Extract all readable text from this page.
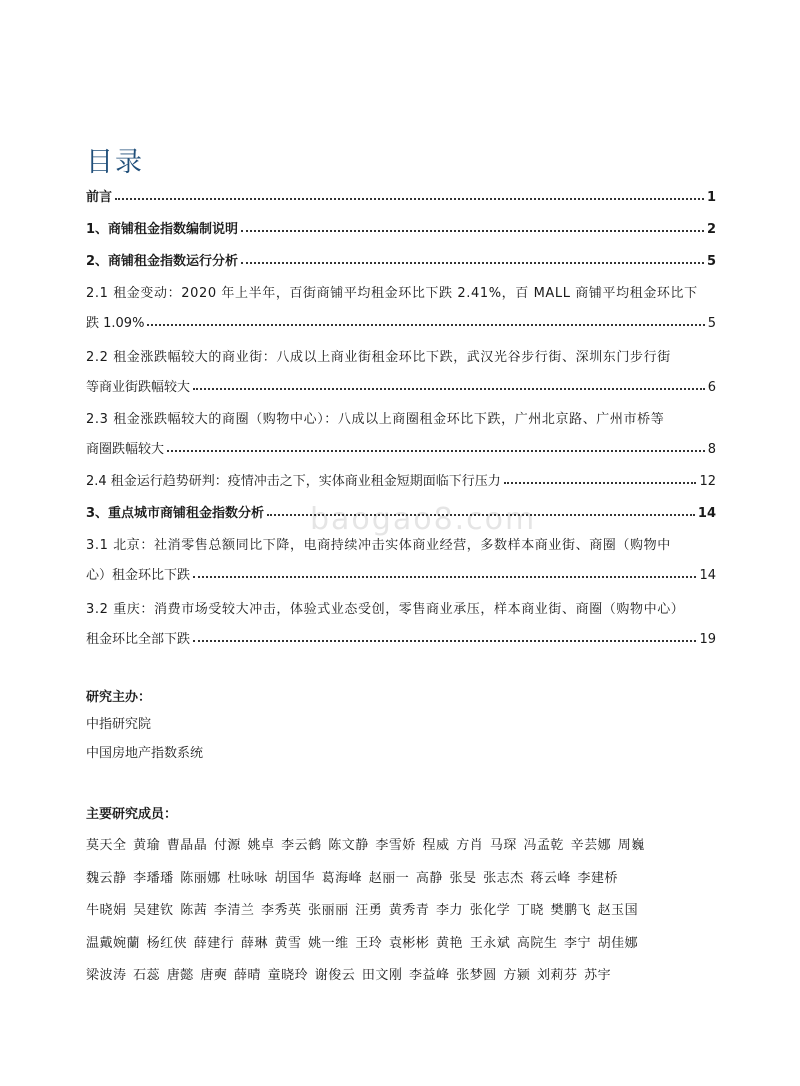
baogao8.com
目录
前言	1
1、商铺租金指数编制说明	2
2、商铺租金指数运行分析	5
2.1 租金变动：2020 年上半年，百街商铺平均租金环比下跌 2.41%，百 MALL 商铺平均租金环比下
跌 1.09%	5
2.2 租金涨跌幅较大的商业街：八成以上商业街租金环比下跌，武汉光谷步行街、深圳东门步行街
等商业街跌幅较大	6
2.3 租金涨跌幅较大的商圈（购物中心）：八成以上商圈租金环比下跌，广州北京路、广州市桥等
商圈跌幅较大	8
2.4 租金运行趋势研判：疫情冲击之下，实体商业租金短期面临下行压力	12
3、重点城市商铺租金指数分析	14
3.1 北京：社消零售总额同比下降，电商持续冲击实体商业经营，多数样本商业街、商圈（购物中
心）租金环比下跌	14
3.2 重庆：消费市场受较大冲击，体验式业态受创，零售商业承压，样本商业街、商圈（购物中心）
租金环比全部下跌	19
研究主办：
中指研究院
中国房地产指数系统
主要研究成员：
莫天全 黄瑜 曹晶晶 付源 姚卓 李云鹤 陈文静 李雪娇 程威 方肖 马琛 冯孟乾 辛芸娜 周巍
魏云静 李璠璠 陈丽娜 杜咏咏 胡国华 葛海峰 赵丽一 高静 张旻 张志杰 蒋云峰 李建桥
牛晓娟 吴建钦 陈茜 李清兰 李秀英 张丽丽 汪勇 黄秀青 李力 张化学 丁晓 樊鹏飞 赵玉国
温戴婉蘭 杨红侠 薛建行 薛琳 黄雪 姚一维 王玲 袁彬彬 黄艳 王永斌 高院生 李宁 胡佳娜
梁波涛 石蕊 唐懿 唐奭 薛晴 童晓玲 谢俊云 田文刚 李益峰 张梦圆 方颍 刘莉芬 苏宇
